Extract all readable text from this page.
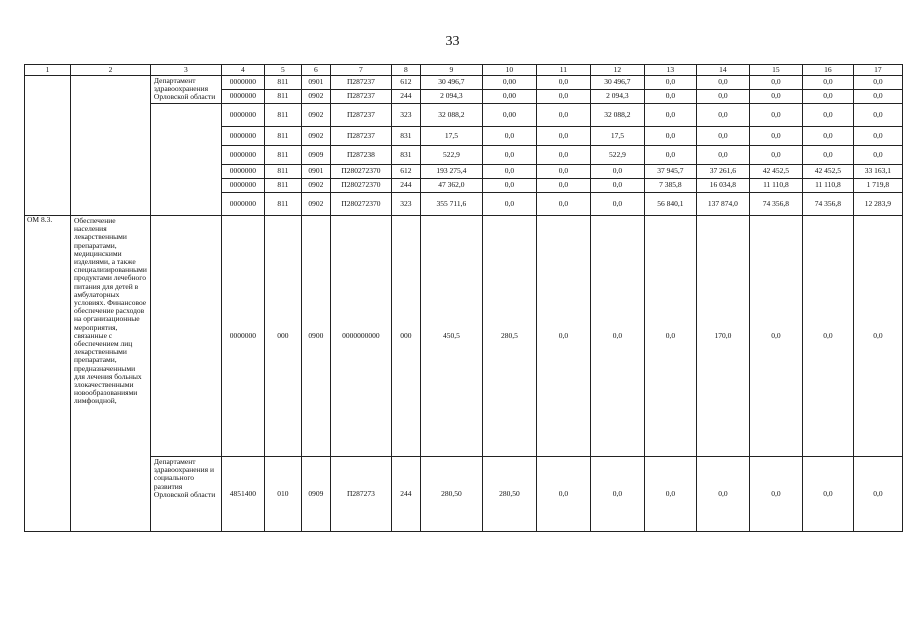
33
1	2	3	4	5	6	7	8	9	10	11	12	13	14	15	16	17
		Департамент здравоохранения Орловской области	0000000	811	0901	П287237	612	30 496,7	0,00	0,0	30 496,7	0,0	0,0	0,0	0,0	0,0
			0000000	811	0902	П287237	244	2 094,3	0,00	0,0	2 094,3	0,0	0,0	0,0	0,0	0,0
			0000000	811	0902	П287237	323	32 088,2	0,00	0,0	32 088,2	0,0	0,0	0,0	0,0	0,0
			0000000	811	0902	П287237	831	17,5	0,0	0,0	17,5	0,0	0,0	0,0	0,0	0,0
			0000000	811	0909	П287238	831	522,9	0,0	0,0	522,9	0,0	0,0	0,0	0,0	0,0
			0000000	811	0901	П280272370	612	193 275,4	0,0	0,0	0,0	37 945,7	37 261,6	42 452,5	42 452,5	33 163,1
			0000000	811	0902	П280272370	244	47 362,0	0,0	0,0	0,0	7 385,8	16 034,8	11 110,8	11 110,8	1 719,8
			0000000	811	0902	П280272370	323	355 711,6	0,0	0,0	0,0	56 840,1	137 874,0	74 356,8	74 356,8	12 283,9
ОМ 8.3.	Обеспечение населения лекарственными препаратами, медицинскими изделиями, а также специализированными продуктами лечебного питания для детей в амбулаторных условиях. Финансовое обеспечение расходов на организационные мероприятия, связанные с обеспечением лиц лекарственными препаратами, предназначенными для лечения больных злокачественными новообразованиями лимфоидной,		0000000	000	0900	0000000000	000	450,5	280,5	0,0	0,0	0,0	170,0	0,0	0,0	0,0
		Департамент здравоохранения и социального развития Орловской области	4851400	010	0909	П287273	244	280,50	280,50	0,0	0,0	0,0	0,0	0,0	0,0	0,0
